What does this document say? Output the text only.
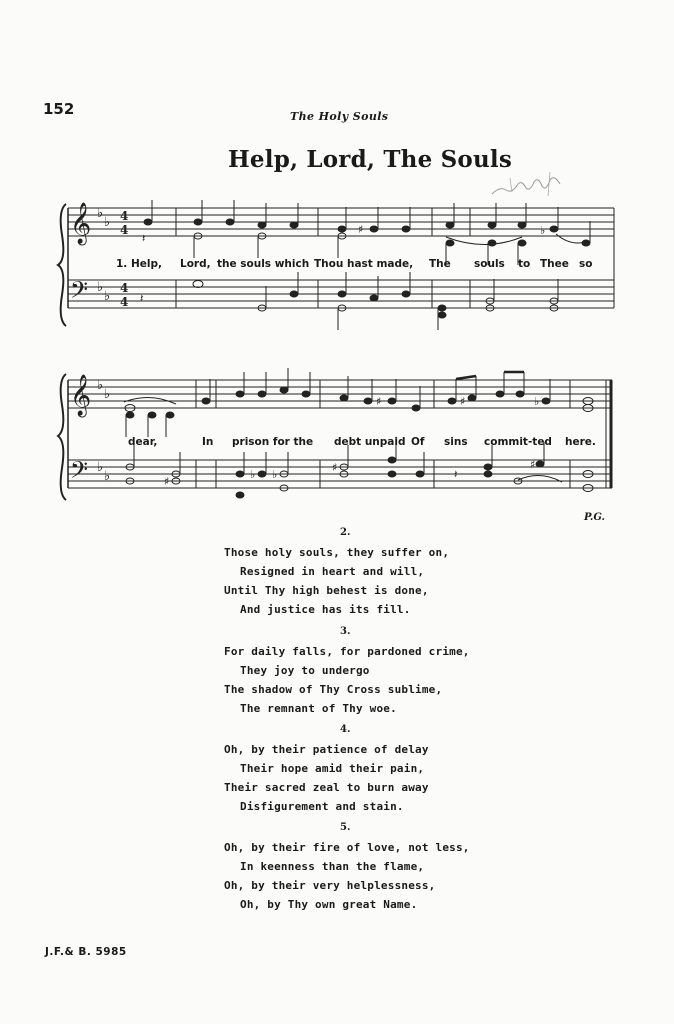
152	The Holy Souls
Help, Lord, The Souls
𝄞
𝄢
♭
♭
♭
♭
4
4
4
4
♯	♭
𝄽
𝄽
1. Help, Lord, the souls which Thou hast made, The souls to Thee so
𝄞
𝄢
♭
♭
♭
♭
♯	♯	♭
♯
♭ ♭
♯	♯
𝄽
dear,	In prison for the debt unpaid Of sins commit-ted here.
P.G.
2.
Those holy souls, they suffer on,
Resigned in heart and will,
Until Thy high behest is done,
And justice has its fill.
3.
For daily falls, for pardoned crime,
They joy to undergo
The shadow of Thy Cross sublime,
The remnant of Thy woe.
4.
Oh, by their patience of delay
Their hope amid their pain,
Their sacred zeal to burn away
Disfigurement and stain.
5.
Oh, by their fire of love, not less,
In keenness than the flame,
Oh, by their very helplessness,
Oh, by Thy own great Name.
J.F.& B. 5985
